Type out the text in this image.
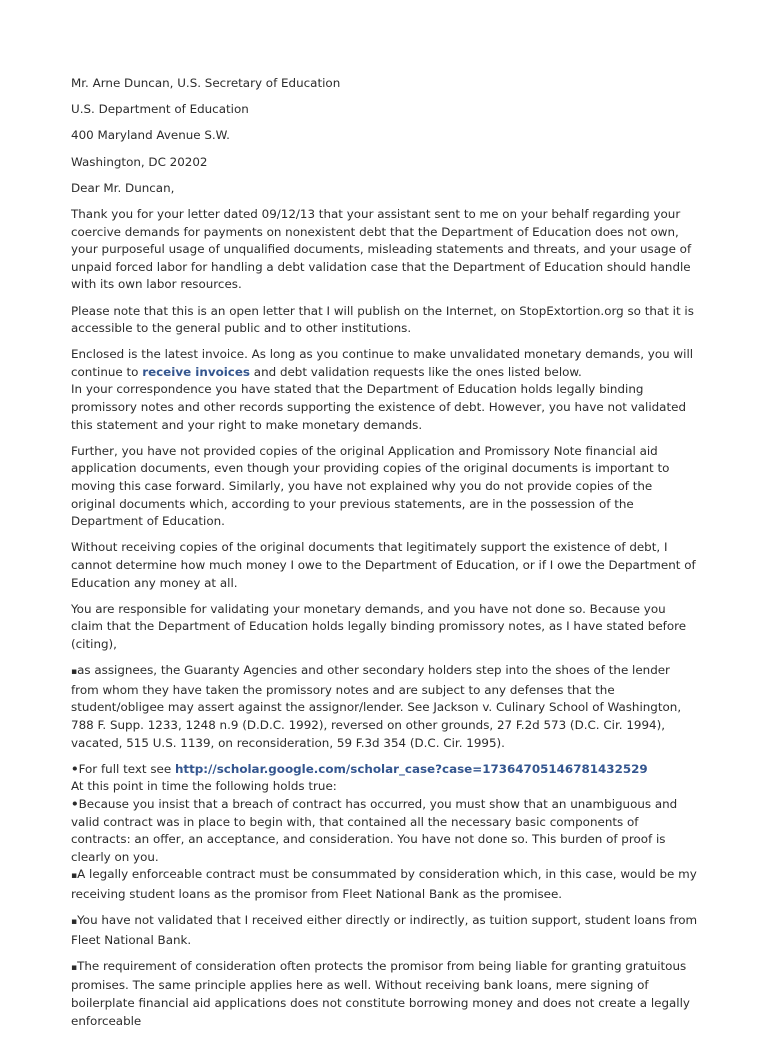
Mr. Arne Duncan, U.S. Secretary of Education

U.S. Department of Education

400 Maryland Avenue S.W.

Washington, DC 20202

Dear Mr. Duncan,

Thank you for your letter dated 09/12/13 that your assistant sent to me on your behalf regarding your coercive demands for payments on nonexistent debt that the Department of Education does not own, your purposeful usage of unqualified documents, misleading statements and threats, and your usage of unpaid forced labor for handling a debt validation case that the Department of Education should handle with its own labor resources.

Please note that this is an open letter that I will publish on the Internet, on StopExtortion.org so that it is accessible to the general public and to other institutions.

Enclosed is the latest invoice. As long as you continue to make unvalidated monetary demands, you will continue to receive invoices and debt validation requests like the ones listed below.

In your correspondence you have stated that the Department of Education holds legally binding promissory notes and other records supporting the existence of debt. However, you have not validated this statement and your right to make monetary demands.

Further, you have not provided copies of the original Application and Promissory Note financial aid application documents, even though your providing copies of the original documents is important to moving this case forward. Similarly, you have not explained why you do not provide copies of the original documents which, according to your previous statements, are in the possession of the Department of Education.

Without receiving copies of the original documents that legitimately support the existence of debt, I cannot determine how much money I owe to the Department of Education, or if I owe the Department of Education any money at all.

You are responsible for validating your monetary demands, and you have not done so. Because you claim that the Department of Education holds legally binding promissory notes, as I have stated before (citing),

▪as assignees, the Guaranty Agencies and other secondary holders step into the shoes of the lender from whom they have taken the promissory notes and are subject to any defenses that the student/obligee may assert against the assignor/lender. See Jackson v. Culinary School of Washington, 788 F. Supp. 1233, 1248 n.9 (D.D.C. 1992), reversed on other grounds, 27 F.2d 573 (D.C. Cir. 1994), vacated, 515 U.S. 1139, on reconsideration, 59 F.3d 354 (D.C. Cir. 1995).

•For full text see http://scholar.google.com/scholar_case?case=17364705146781432529

At this point in time the following holds true:

•Because you insist that a breach of contract has occurred, you must show that an unambiguous and valid contract was in place to begin with, that contained all the necessary basic components of contracts: an offer, an acceptance, and consideration. You have not done so. This burden of proof is clearly on you.

▪A legally enforceable contract must be consummated by consideration which, in this case, would be my receiving student loans as the promisor from Fleet National Bank as the promisee.

▪You have not validated that I received either directly or indirectly, as tuition support, student loans from Fleet National Bank.

▪The requirement of consideration often protects the promisor from being liable for granting gratuitous promises. The same principle applies here as well. Without receiving bank loans, mere signing of boilerplate financial aid applications does not constitute borrowing money and does not create a legally enforceable
